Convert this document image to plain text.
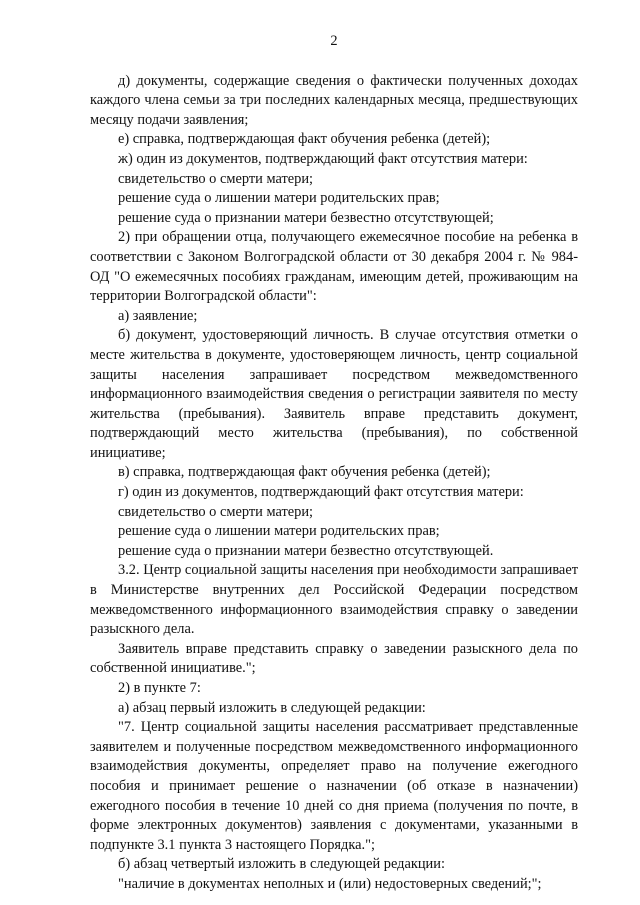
2

д) документы, содержащие сведения о фактически полученных доходах каждого члена семьи за три последних календарных месяца, предшествующих месяцу подачи заявления;

е) справка, подтверждающая факт обучения ребенка (детей);

ж) один из документов, подтверждающий факт отсутствия матери:

свидетельство о смерти матери;

решение суда о лишении матери родительских прав;

решение суда о признании матери безвестно отсутствующей;

2) при обращении отца, получающего ежемесячное пособие на ребенка в соответствии с Законом Волгоградской области от 30 декабря 2004 г. № 984-ОД "О ежемесячных пособиях гражданам, имеющим детей, проживающим на территории Волгоградской области":

а) заявление;

б) документ, удостоверяющий личность. В случае отсутствия отметки о месте жительства в документе, удостоверяющем личность, центр социальной защиты населения запрашивает посредством межведомственного информационного взаимодействия сведения о регистрации заявителя по месту жительства (пребывания). Заявитель вправе представить документ, подтверждающий место жительства (пребывания), по собственной инициативе;

в) справка, подтверждающая факт обучения ребенка (детей);

г) один из документов, подтверждающий факт отсутствия матери:

свидетельство о смерти матери;

решение суда о лишении матери родительских прав;

решение суда о признании матери безвестно отсутствующей.

3.2. Центр социальной защиты населения при необходимости запрашивает в Министерстве внутренних дел Российской Федерации посредством межведомственного информационного взаимодействия справку о заведении разыскного дела.

Заявитель вправе представить справку о заведении разыскного дела по собственной инициативе.";

2) в пункте 7:

а) абзац первый изложить в следующей редакции:

"7. Центр социальной защиты населения рассматривает представленные заявителем и полученные посредством межведомственного информационного взаимодействия документы, определяет право на получение ежегодного пособия и принимает решение о назначении (об отказе в назначении) ежегодного пособия в течение 10 дней со дня приема (получения по почте, в форме электронных документов) заявления с документами, указанными в подпункте 3.1 пункта 3 настоящего Порядка.";

б) абзац четвертый изложить в следующей редакции:

"наличие в документах неполных и (или) недостоверных сведений;";
